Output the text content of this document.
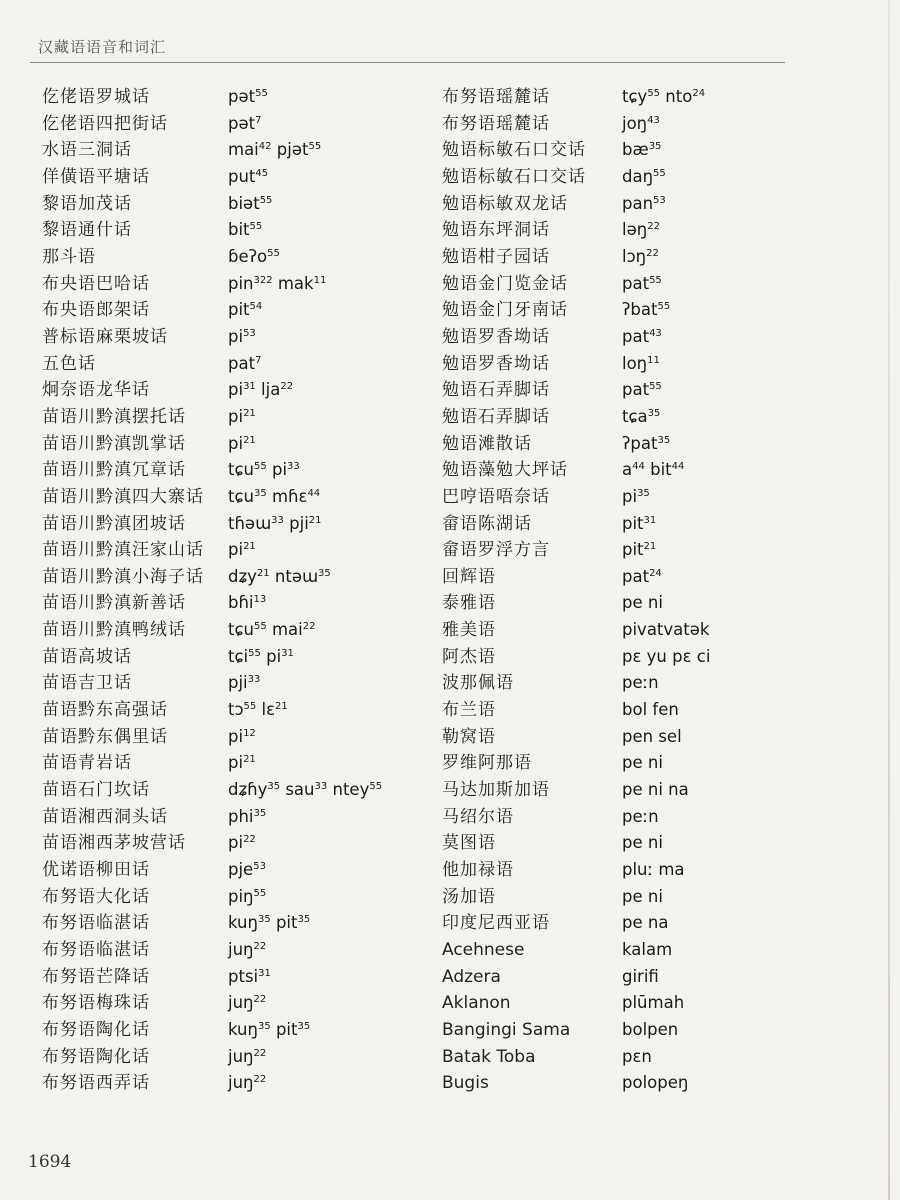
汉藏语语音和词汇
仡佬语罗城话	pət$^{55}$
仡佬语四把街话	pət$^7$
水语三洞话	mai$^{42}$ pjət$^{55}$
佯僙语平塘话	put$^{45}$
黎语加茂话	biət$^{55}$
黎语通什话	bit$^{55}$
那斗语	ɓeʔo$^{55}$
布央语巴哈话	pin$^{322}$ mak$^{11}$
布央语郎架话	pit$^{54}$
普标语麻栗坡话	$pi^{53}$
五色话	pat$^7$
炯奈语龙华话	$pi^{31}$ lja$^{22}$
苗语川黔滇摆托话	$pi^{21}$
苗语川黔滇凯掌话	$pi^{21}$
苗语川黔滇冗章话	tɕu$^{55}$ $pi^{33}$
苗语川黔滇四大寨话 tɕu$^{35}$ mɦɛ$^{44}$
苗语川黔滇团坡话	tɦəɯ$^{33}$ pji$^{21}$
苗语川黔滇汪家山话 $pi^{21}$
苗语川黔滇小海子话 dʑy$^{21}$ ntəɯ$^{35}$
苗语川黔滇新善话	bɦi$^{13}$
苗语川黔滇鸭绒话	tɕu$^{55}$ mai$^{22}$
苗语高坡话	tɕi$^{55}$ $pi^{31}$
苗语吉卫话	pji$^{33}$
苗语黔东高强话	tɔ$^{55}$ lɛ$^{21}$
苗语黔东偶里话	$pi^{12}$
苗语青岩话	$pi^{21}$
苗语石门坎话	dʑɦy$^{35}$ sau$^{33}$ ntey$^{55}$
苗语湘西洞头话	phi$^{35}$
苗语湘西茅坡营话	$pi^{22}$
优诺语柳田话	pje$^{53}$
布努语大化话	piŋ$^{55}$
布努语临湛话	kuŋ$^{35}$ pit$^{35}$
布努语临湛话	juŋ$^{22}$
布努语芒降话	ptsi$^{31}$
布努语梅珠话	juŋ$^{22}$
布努语陶化话	kuŋ$^{35}$ pit$^{35}$
布努语陶化话	juŋ$^{22}$
布努语西弄话	juŋ$^{22}$
布努语瑶麓话	tɕy$^{55}$ nto$^{24}$
布努语瑶麓话	joŋ$^{43}$
勉语标敏石口交话 $bæ^{35}$
勉语标敏石口交话 daŋ$^{55}$
勉语标敏双龙话	pan$^{53}$
勉语东坪洞话	ləŋ$^{22}$
勉语柑子园话	lɔŋ$^{22}$
勉语金门览金话	pat$^{55}$
勉语金门牙南话	ʔbat$^{55}$
勉语罗香坳话	pat$^{43}$
勉语罗香坳话	loŋ$^{11}$
勉语石弄脚话	pat$^{55}$
勉语石弄脚话	tɕa$^{35}$
勉语滩散话	ʔpat$^{35}$
勉语藻勉大坪话	$a^{44}$ bit$^{44}$
巴哼语唔奈话	$pi^{35}$
畲语陈湖话	pit$^{31}$
畲语罗浮方言	pit$^{21}$
回辉语	pat$^{24}$
泰雅语	pe ni
雅美语	pivatvatək
阿杰语	pɛ yu pɛ ci
波那佩语	peːn
布兰语	bol fen
勒窝语	pen sel
罗维阿那语	pe ni
马达加斯加语	pe ni na
马绍尔语	peːn
莫图语	pe ni
他加禄语	pluː ma
汤加语	pe ni
印度尼西亚语	pe na
Acehnese	kalam
Adzera	girifi
Aklanon	plūmah
Bangingi Sama	bolpen
Batak Toba	pɛn
Bugis	polopeŋ
1694
